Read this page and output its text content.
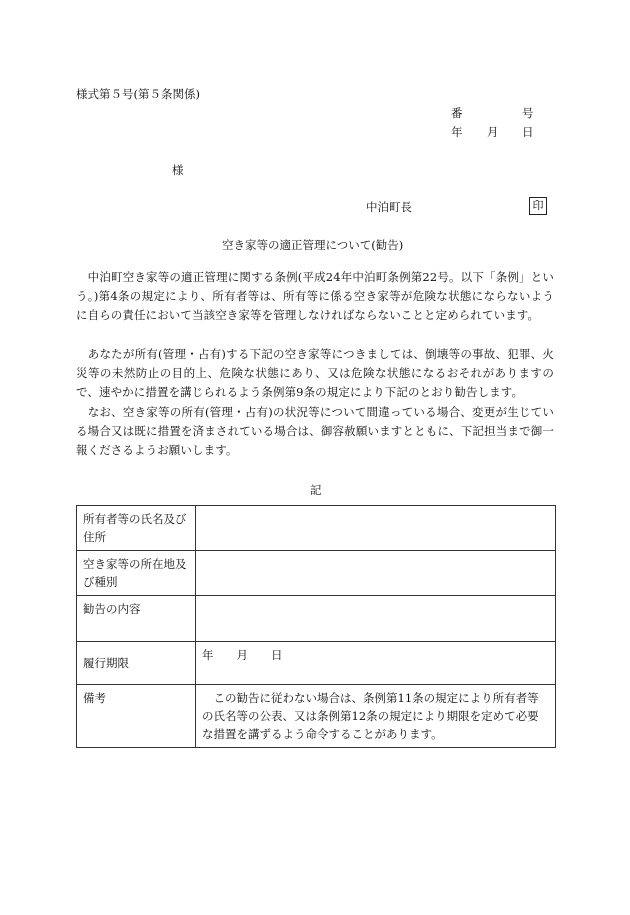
様式第５号(第５条関係)
番	号
年 月 日
様
中泊町長	印
空き家等の適正管理について(勧告)
　中泊町空き家等の適正管理に関する条例(平成24年中泊町条例第22号。以下「条例」という。)第4条の規定により、所有者等は、所有等に係る空き家等が危険な状態にならないように自らの責任において当該空き家等を管理しなければならないことと定められています。
　あなたが所有(管理・占有)する下記の空き家等につきましては、倒壊等の事故、犯罪、火災等の未然防止の目的上、危険な状態にあり、又は危険な状態になるおそれがありますので、速やかに措置を講じられるよう条例第9条の規定により下記のとおり勧告します。
　なお、空き家等の所有(管理・占有)の状況等について間違っている場合、変更が生じている場合又は既に措置を済まされている場合は、御容赦願いますとともに、下記担当まで御一報くださるようお願いします。
記
所有者等の氏名及び住所	
空き家等の所在地及び種別	
勧告の内容	
履行期限	年　　月　　日
備考	　この勧告に従わない場合は、条例第11条の規定により所有者等の氏名等の公表、又は条例第12条の規定により期限を定めて必要な措置を講ずるよう命令することがあります。
